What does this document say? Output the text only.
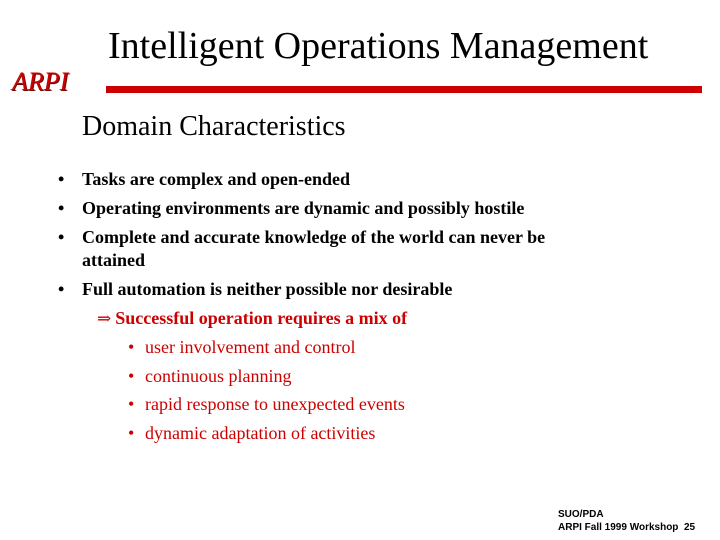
Intelligent Operations Management
ARPI
Domain Characteristics
• Tasks are complex and open-ended
• Operating environments are dynamic and possibly hostile
• Complete and accurate knowledge of the world can never be
attained
• Full automation is neither possible nor desirable
⇒ Successful operation requires a mix of
• user involvement and control
• continuous planning
• rapid response to unexpected events
• dynamic adaptation of activities
SUO/PDA
ARPI Fall 1999 Workshop 25
